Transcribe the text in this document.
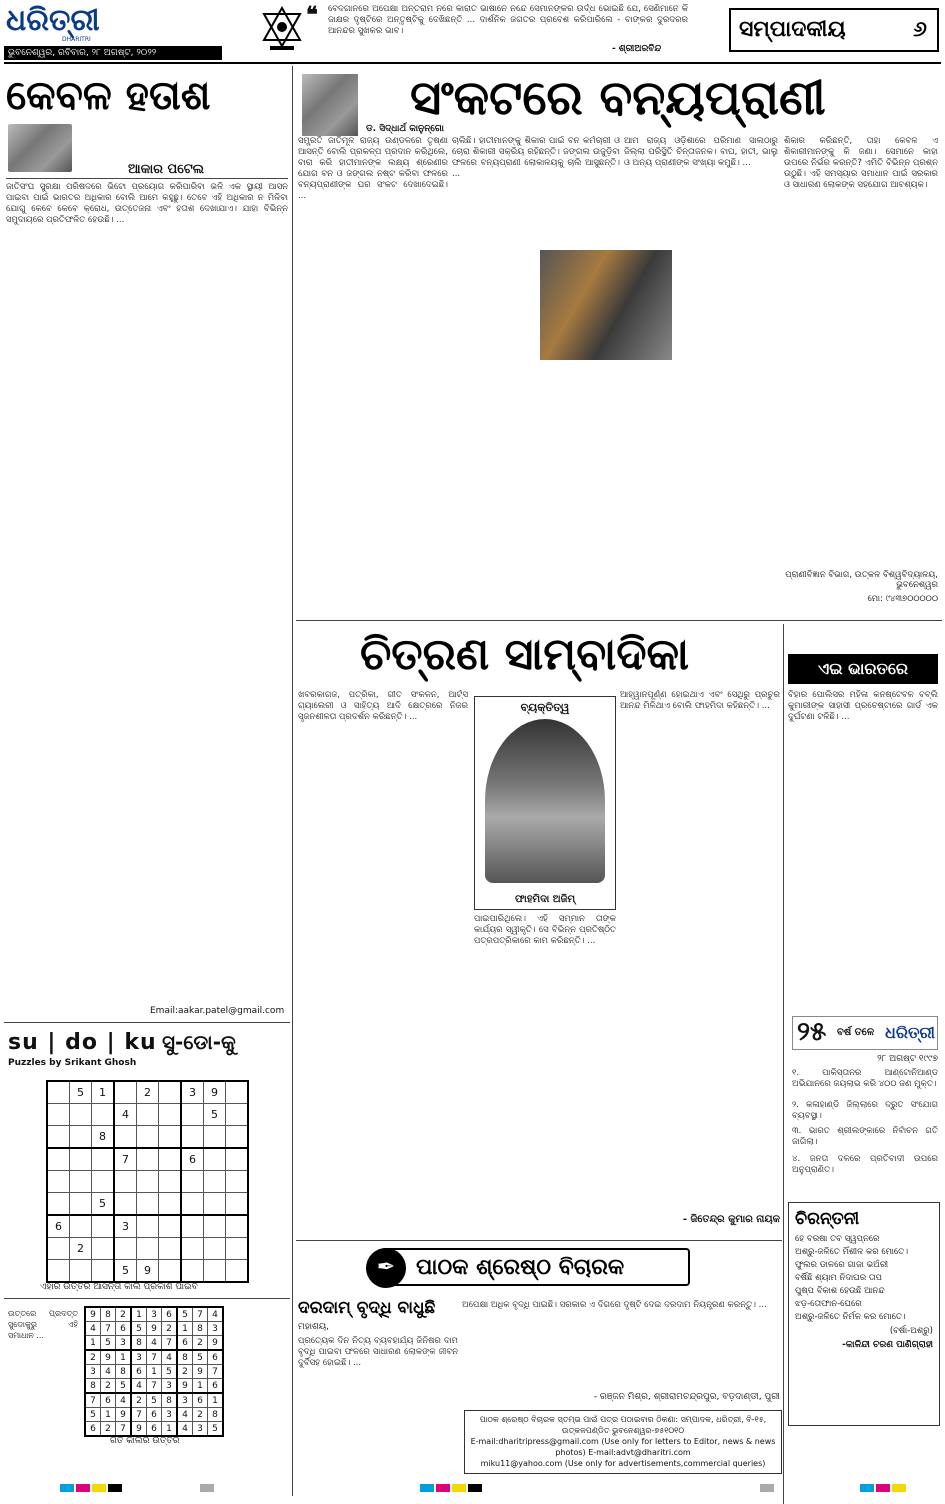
ଧରିତ୍ରୀ
DHARITRI
ଭୁବନେଶ୍ୱର, ରବିବାର, ୨୮ ଅଗଷ୍ଟ, ୨୦୨୨
❝ ବେଦଗାନରେ ଅପେକ୍ଷା ଅନ୍ତରାମ ନରେ କାରାତ ଭାଷାନେ ନନ୍ଦେ ସେମାନଙ୍କର ଉର୍ଦ୍ଧ ଭୋଇଛି ଯେ, ସେଣିମାନେ କିଁ ଜାକ୍ଷର ଦୃଷ୍ଟିରେ ଅନ୍ତୃଷ୍ଟିକୁ ଦେଖିଛନ୍ତି ... ଦାର୍ଶନିକ ଜଗତର ପ୍ରବେଶ କରିପାରିଲେ - ବାଙ୍କର ଦୁରଦରର ଆନନ୍ଦର ସୁଖକର ଭାବ।
- ଶ୍ରୀଅରବିନ୍ଦ
ସମ୍ପାଦକୀୟ	୬
କେବଳ ହତାଶ
ଆକାର ପଟେଲ
ଜାତିସଂଘ ସୁରକ୍ଷା ପରିଷଦରେ ଭିଟୋ ପ୍ରୟୋଗ କରିପାରିବା ଭଳି ଏକ ସ୍ଥାୟୀ ଆସନ ପାଇବା ପାଇଁ ଭାରତର ଅଧିକାର ବୋଲି ଆମେ କହୁଛୁ। ତେବେ ଏହି ଅଧିକାର ନ ମିଳିବା ଯୋଗୁ କେବେ କେବେ କ୍ରୋଧ, ଉତ୍ତେଜନା ଏବଂ ହତାଶ ଦେଖାଯାଏ। ଯାହା ବିଭିନ୍ନ ସମୁଦାୟରେ ପ୍ରତିଫଳିତ ହେଉଛି। ...
Email:aakar.patel@gmail.com
ସଂକଟରେ ବନ୍ୟପ୍ରାଣୀ
ଡ. ସିଦ୍ଧାର୍ଥ କାନୁନ୍‌ଗୋ
ସମ୍ପ୍ରତି ଜାତିମୂଳ ରାଜ୍ୟ ଉଣ୍ଡଳରେ ତୃଷ୍ଣା ଆସନ୍ତି ବୋଲି ପ୍ରକଳ୍ପ ପ୍ରଦାନ କରିଥିଲେ, ବାରା କରି ହାତୀମାନଙ୍କ ଲକ୍ଷ୍ୟ ଶ୍ରେଣୀର ଯୋଗ ବନ ଓ ଜଙ୍ଗଲ ନଷ୍ଟ କରିବା ଫଳରେ ବନ୍ୟପ୍ରାଣୀଙ୍କ ଘର ସଂକଟ ଦେଖାଦେଇଛି। ...
ଚାଲିଛି। ହାତୀମାନଙ୍କୁ ଶିକାର ପାଇଁ ବନ କର୍ମଚାରୀ ଓ ଚୋରା ଶିକାରୀ ସକ୍ରିୟ ରହିଛନ୍ତି। ଜଙ୍ଗଲ ଉଜୁଡ଼ିବା ଫଳରେ ବନ୍ୟପ୍ରାଣୀ ଲୋକାଳୟକୁ ଚାଲି ଆସୁଛନ୍ତି। ...
ଆମ ରାଜ୍ୟ ଓଡ଼ିଶାରେ ପରିମାଣ ସାଲଠାରୁ ଜିଲ୍ଲା ପରିସ୍ଥିତି ଚିନ୍ତାଜନକ। ବାଘ, ହାତୀ, ଭାଲୁ ଓ ଅନ୍ୟ ପ୍ରାଣୀଙ୍କ ସଂଖ୍ୟା କମୁଛି। ...
ଶିକାର କରିଛନ୍ତି, ତାହା କେବଳ ଏ ଶିକାରୀମାନଙ୍କୁ କି ଜଣା। ସେମାନେ କାହା ଉପରେ ନିର୍ଭର କରନ୍ତି? ଏମିତି ବିଭିନ୍ନ ପ୍ରଶ୍ନ ଉଠୁଛି। ଏହି ସମସ୍ୟାର ସମାଧାନ ପାଇଁ ସରକାର ଓ ସାଧାରଣ ଲୋକଙ୍କ ସହଯୋଗ ଆବଶ୍ୟକ।
ପ୍ରାଣୀବିଜ୍ଞାନ ବିଭାଗ, ଉତ୍କଳ ବିଶ୍ୱବିଦ୍ୟାଳୟ, ଭୁବନେଶ୍ୱର
ମୋ: ୯୪୩୭୦୦୦୦୦
ଚିତ୍ରଣ ସାମ୍ବାଦିକା
ଖବରକାଗଜ, ପତ୍ରିକା, ଗୀତ ସଂକଳନ, ଆର୍ଟ୍ସ ଗ୍ୟାଲେରୀ ଓ ସାହିତ୍ୟ ଆଦି କ୍ଷେତ୍ରରେ ନିଜର ସୃଜନଶୀଳତା ପ୍ରଦର୍ଶନ କରିଛନ୍ତି। ...
ବ୍ୟକ୍ତିତ୍ୱ
ଫାହମିଦା ଅଜିମ୍
ପାଇପାରିଥିଲେ। ଏହି ସମ୍ମାନ ତାଙ୍କ କାର୍ଯ୍ୟର ସ୍ୱୀକୃତି। ସେ ବିଭିନ୍ନ ପ୍ରତିଷ୍ଠିତ ପତ୍ରପତ୍ରିକାରେ କାମ କରିଛନ୍ତି। ...
ଆହ୍ୱାନପୂର୍ଣ୍ଣ ହୋଇଥାଏ ଏବଂ ସେଥିରୁ ପ୍ରଚୁର ଆନନ୍ଦ ମିଳିଥାଏ ବୋଲି ଫାହମିଦା କହିଛନ୍ତି। ...
- ଜିତେନ୍ଦ୍ର କୁମାର ନାୟକ
ଏଇ ଭାରତରେ
ବିହାର ପୋଲିସର ମହିଳା କନଷ୍ଟେବଳ ବବ୍ଲି କୁମାରୀଙ୍କ ସାହାସୀ ପ୍ରଚେଷ୍ଟାରେ ଗାର୍ଡ ଏକ ଦୁର୍ଘଟଣା ଟଳିଛି। ...
୨୫ ବର୍ଷ ତଳେ ଧରିତ୍ରୀ
୨୮ ଅଗଷ୍ଟ ୧୯୯୭
୧. ପାକିସ୍ତାନର ଆଣ୍ଟୋନିଆଣ୍ଡ ଅଭିଯାନରେ ଜୟଲାଭ କରି ୪୦୦ ଜଣ ମୁକ୍ତ।
୨. କଳାହାଣ୍ଡି ଜିଲ୍ଲାରେ ଦ୍ରୁତ ସଂଯୋଗ ବ୍ୟବସ୍ଥା।
୩. ଭାରତ ଶ୍ରୀଲଙ୍କାରେ ନିର୍ବାଚନ ଗତି ଜାଗିଲା।
୪. ଜନତା ଦଳରେ ପ୍ରତିବାଦୀ ଉପରେ ଅନୁପ୍ରାଣିତ।
su | do | ku ସୁ-ଡୋ-କୁ
Puzzles by Srikant Ghosh
	5	1		2		3	9	
			4				5	
		8						
			7			6		

		5						
6			3					
	2							
			5	9				
ଏହାର ଉତ୍ତର ଆସନ୍ତା କାଲି ପ୍ରକାଶ ପାଇବ
ଉତ୍ତରେ ପ୍ରଦତ୍ତ ସୁଡୋକୁରୁ ଏହି ସମାଧାନ ...
9	8	2	1	3	6	5	7	4
4	7	6	5	9	2	1	8	3
1	5	3	8	4	7	6	2	9
2	9	1	3	7	4	8	5	6
3	4	8	6	1	5	2	9	7
8	2	5	4	7	3	9	1	6
7	6	4	2	5	8	3	6	1
5	1	9	7	6	3	4	2	8
6	2	7	9	6	1	4	3	5
ଗତ କାଲିର ଉତ୍ତର
✒ ପାଠକ ଶ୍ରେଷ୍ଠ ବିଚାରକ
ଦରଦାମ୍ ବୃଦ୍ଧି ବାଧୁଛି
ମହାଶୟ,
ପ୍ରତ୍ୟେକ ଦିନ ନିତ୍ୟ ବ୍ୟବହାର୍ଯ୍ୟ ଜିନିଷର ଦାମ ବୃଦ୍ଧି ପାଇବା ଫଳରେ ସାଧାରଣ ଲୋକଙ୍କ ଜୀବନ ଦୁର୍ବିସହ ହୋଇଛି। ...
ଅପେକ୍ଷା ଅଧିକ ବୃଦ୍ଧି ପାଇଛି। ସରକାର ଏ ଦିଗରେ ଦୃଷ୍ଟି ଦେଇ ଦରଦାମ ନିୟନ୍ତ୍ରଣ କରନ୍ତୁ। ...
- ରଞ୍ଜନ ମିଶ୍ର, ଶ୍ରୀରାମଚନ୍ଦ୍ରପୁର, ବଡ଼ଦାଣ୍ଡୀ, ପୁରୀ
ପାଠକ ଶ୍ରେଷ୍ଠ ବିଚାରକ ସ୍ତମ୍ଭ ପାଇଁ ପତ୍ର ପଠାଇବାର ଠିକଣା: ସମ୍ପାଦକ, ଧରିତ୍ରୀ, ବି-୧୫, ଉତ୍କଳପଣ୍ଡିତ ଭୁବନେଶ୍ୱର-୭୫୧୦୧୦
E-mail:dharitripress@gmail.com (Use only for letters to Editor, news & news photos) E-mail:advt@dharitri.com
miku11@yahoo.com (Use only for advertisements,commercial queries)
ଚିରନ୍ତନୀ
ହେ ବରଷା ତବ ସ୍ୱପ୍ନରେ
ଅଶ୍ରୁ-ଜଳିତେ ମିଁଶୀଳ କର ମୋତେ।
ଫୁଲର ଡାଳରେ ଗାଜା ଭଅଁରୀ
ବର୍ଷିଛି ଶ୍ୟାମ ନିଦାଘର ତାପ
ପୁଷ୍ପ ବିକାଶ ହେଉଛି ଆନନ୍ଦ
ଝଡ଼-ତୋଫାନ-ଘେରେ
ଅଶ୍ରୁ-ଜଳିତେ ନିର୍ମଳ କର ମୋତେ।
(ବର୍ଷା-ଅଶ୍ରୁ)
-କାଳିନ୍ଦୀ ଚରଣ ପାଣିଗ୍ରାହୀ
